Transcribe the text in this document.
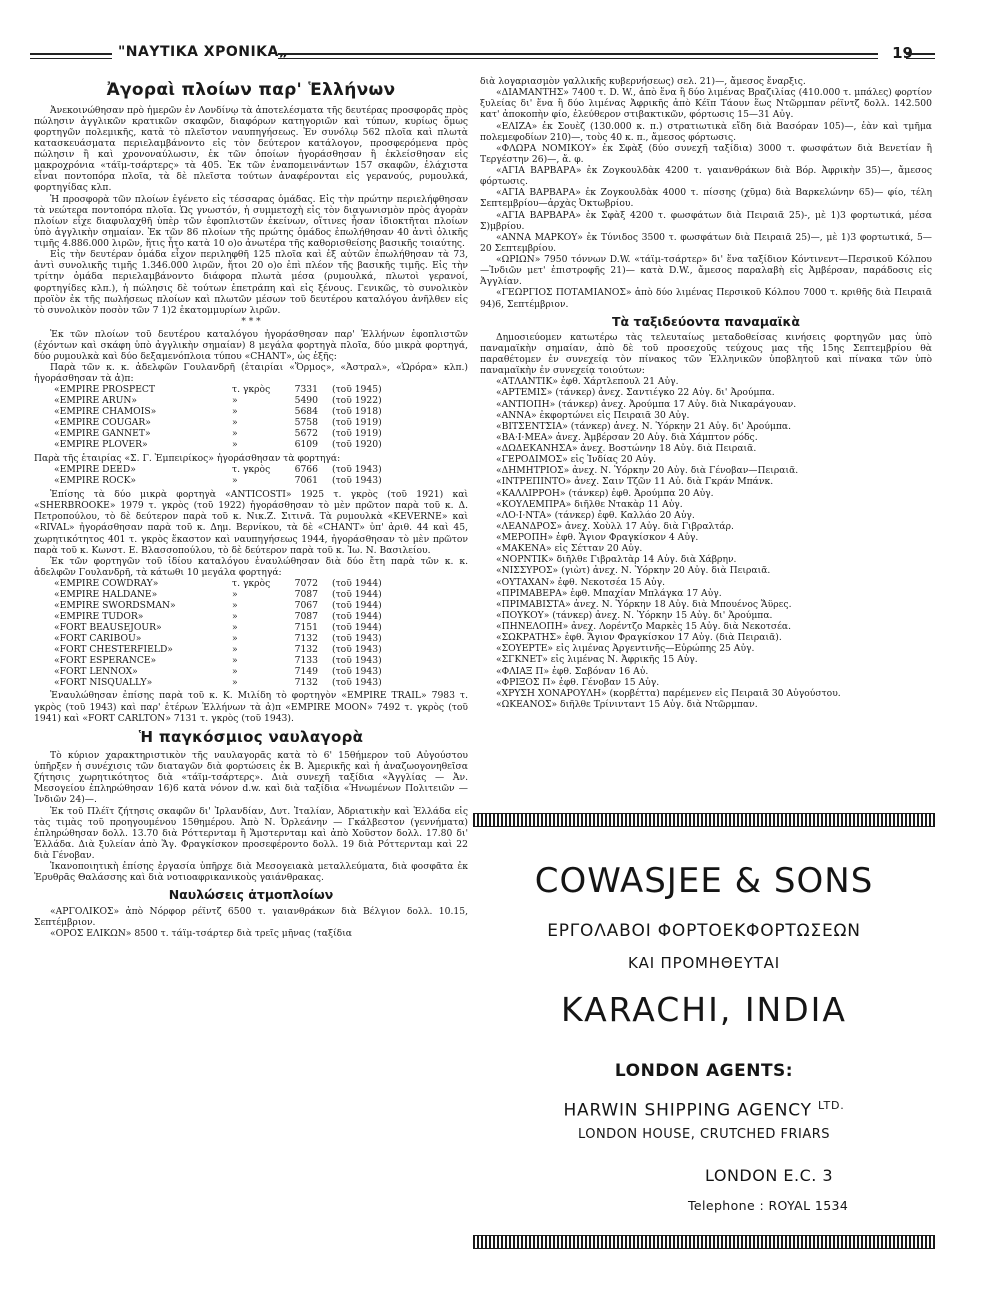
"ΝΑΥΤΙΚΑ ΧΡΟΝΙΚΑ„	19
Ἀγοραὶ πλοίων παρ' Ἑλλήνων

Ἀνεκοινώθησαν πρὸ ἡμερῶν ἐν Λονδίνῳ τὰ ἀποτελέσματα τῆς δευτέρας προσφορᾶς πρὸς πώλησιν ἀγγλικῶν κρατικῶν σκαφῶν, διαφόρων κατηγοριῶν καὶ τύπων, κυρίως ὅμως φορτηγῶν πολεμικῆς, κατὰ τὸ πλεῖστον ναυπηγήσεως. Ἐν συνόλῳ 562 πλοῖα καὶ πλωτὰ κατασκευάσματα περιελαμβάνοντο εἰς τὸν δεύτερον κατάλογον, προσφερόμενα πρὸς πώλησιν ἢ καὶ χρονοναύλωσιν, ἐκ τῶν ὁποίων ἠγοράσθησαν ἢ ἐκλείσθησαν εἰς μακροχρόνια «τάϊμ-τσάρτερς» τὰ 405. Ἐκ τῶν ἐναπομεινάντων 157 σκαφῶν, ἐλάχιστα εἶναι ποντοπόρα πλοῖα, τὰ δὲ πλεῖστα τούτων ἀναφέρονται εἰς γερανούς, ρυμουλκά, φορτηγίδας κλπ.

Ἡ προσφορὰ τῶν πλοίων ἐγένετο εἰς τέσσαρας ὁμάδας. Εἰς τὴν πρώτην περιελήφθησαν τὰ νεώτερα ποντοπόρα πλοῖα. Ὡς γνωστόν, ἡ συμμετοχὴ εἰς τὸν διαγωνισμὸν πρὸς ἀγορὰν πλοίων εἶχε διαφυλαχθῆ ὑπὲρ τῶν ἐφοπλιστῶν ἐκείνων, οἵτινες ἦσαν ἰδιοκτῆται πλοίων ὑπὸ ἀγγλικὴν σημαίαν. Ἐκ τῶν 86 πλοίων τῆς πρώτης ὁμάδος ἐπωλήθησαν 40 ἀντὶ ὁλικῆς τιμῆς 4.886.000 λιρῶν, ἥτις ἦτο κατὰ 10 ο)ο ἀνωτέρα τῆς καθορισθείσης βασικῆς τοιαύτης.

Εἰς τὴν δευτέραν ὁμάδα εἶχον περιληφθῆ 125 πλοῖα καὶ ἐξ αὐτῶν ἐπωλήθησαν τὰ 73, ἀντὶ συνολικῆς τιμῆς 1.346.000 λιρῶν, ἤτοι 20 ο)ο ἐπὶ πλέον τῆς βασικῆς τιμῆς. Εἰς τὴν τρίτην ὁμάδα περιελαμβάνοντο διάφορα πλωτὰ μέσα (ρυμουλκά, πλωτοὶ γερανοί, φορτηγίδες κλπ.), ἡ πώλησις δὲ τούτων ἐπετράπη καὶ εἰς ξένους. Γενικῶς, τὸ συνολικὸν προϊὸν ἐκ τῆς πωλήσεως πλοίων καὶ πλωτῶν μέσων τοῦ δευτέρου καταλόγου ἀνῆλθεν εἰς τὸ συνολικὸν ποσὸν τῶν 7 1)2 ἑκατομμυρίων λιρῶν.

* * *

Ἐκ τῶν πλοίων τοῦ δευτέρου καταλόγου ἠγοράσθησαν παρ' Ἑλλήνων ἐφοπλιστῶν (ἐχόντων καὶ σκάφη ὑπὸ ἀγγλικὴν σημαίαν) 8 μεγάλα φορτηγὰ πλοῖα, δύο μικρὰ φορτηγά, δύο ρυμουλκὰ καὶ δύο δεξαμενόπλοια τύπου «CHANT», ὡς ἑξῆς:

Παρὰ τῶν κ. κ. ἀδελφῶν Γουλανδρῆ (ἑταιρίαι «Ὅρμος», «Ἀστραλ», «Ὡρόρα» κλπ.) ἠγοράσθησαν τὰ ἀ)π:

«EMPIRE PROSPECT	τ. γκρὸς	7331	(τοῦ 1945)
«EMPIRE ARUN»	»	5490	(τοῦ 1922)
«EMPIRE CHAMOIS»	»	5684	(τοῦ 1918)
«EMPIRE COUGAR»	»	5758	(τοῦ 1919)
«EMPIRE GANNET»	»	5672	(τοῦ 1919)
«EMPIRE PLOVER»	»	6109	(τοῦ 1920)

Παρὰ τῆς ἑταιρίας «Σ. Γ. Ἐμπειρίκος» ἠγοράσθησαν τὰ φορτηγά:

«EMPIRE DEED»	τ. γκρὸς	6766	(τοῦ 1943)
«EMPIRE ROCK»	»	7061	(τοῦ 1943)

Ἐπίσης τὰ δύο μικρὰ φορτηγὰ «ANTICOSTI» 1925 τ. γκρὸς (τοῦ 1921) καὶ «SHERBROOKE» 1979 τ. γκρὸς (τοῦ 1922) ἠγοράσθησαν τὸ μὲν πρῶτον παρὰ τοῦ κ. Δ. Πετροπούλου, τὸ δὲ δεύτερον παρὰ τοῦ κ. Νικ.Ζ. Σιτινᾶ. Τὰ ρυμουλκὰ «KEVERNE» καὶ «RIVAL» ἠγοράσθησαν παρὰ τοῦ κ. Δημ. Βερνίκου, τὰ δὲ «CHANT» ὑπ' ἀριθ. 44 καὶ 45, χωρητικότητος 401 τ. γκρὸς ἕκαστον καὶ ναυπηγήσεως 1944, ἠγοράσθησαν τὸ μὲν πρῶτον παρὰ τοῦ κ. Κωνστ. Ε. Βλασσοπούλου, τὸ δὲ δεύτερον παρὰ τοῦ κ. Ἰω. Ν. Βασιλείου.

Ἐκ τῶν φορτηγῶν τοῦ ἰδίου καταλόγου ἐναυλώθησαν διὰ δύο ἔτη παρὰ τῶν κ. κ. ἀδελφῶν Γουλανδρῆ, τὰ κάτωθι 10 μεγάλα φορτηγά:

«EMPIRE COWDRAY»	τ. γκρὸς	7072	(τοῦ 1944)
«EMPIRE HALDANE»	»	7087	(τοῦ 1944)
«EMPIRE SWORDSMAN»	»	7067	(τοῦ 1944)
«EMPIRE TUDOR»	»	7087	(τοῦ 1944)
«FORT BEAUSEJOUR»	»	7151	(τοῦ 1944)
«FORT CARIBOU»	»	7132	(τοῦ 1943)
«FORT CHESTERFIELD»	»	7132	(τοῦ 1943)
«FORT ESPERANCE»	»	7133	(τοῦ 1943)
«FORT LENNOX»	»	7149	(τοῦ 1943)
«FORT NISQUALLY»	»	7132	(τοῦ 1943)

Ἐναυλώθησαν ἐπίσης παρὰ τοῦ κ. Κ. Μιλίδη τὸ φορτηγὸν «EMPIRE TRAIL» 7983 τ. γκρὸς (τοῦ 1943) καὶ παρ' ἑτέρων Ἑλλήνων τὰ ἀ)π «EMPIRE MOON» 7492 τ. γκρὸς (τοῦ 1941) καὶ «FORT CARLTON» 7131 τ. γκρὸς (τοῦ 1943).

Ἡ παγκόσμιος ναυλαγορὰ

Τὸ κύριον χαρακτηριστικὸν τῆς ναυλαγορᾶς κατὰ τὸ 6' 15θήμερον τοῦ Αὐγούστου ὑπῆρξεν ἡ συνέχισις τῶν διαταγῶν διὰ φορτώσεις ἐκ Β. Ἀμερικῆς καὶ ἡ ἀναζωογονηθεῖσα ζήτησις χωρητικότητος διὰ «τάϊμ-τσάρτερς». Διὰ συνεχῆ ταξίδια «Ἀγγλίας — Ἀν. Μεσογείου ἐπληρώθησαν 16)6 κατὰ νόνον d.w. καὶ διὰ ταξίδια «Ἡνωμένων Πολιτειῶν — Ἰνδιῶν 24)—.

Ἐκ τοῦ Πλέϊτ ζήτησις σκαφῶν δι' Ἰρλανδίαν, Δυτ. Ἰταλίαν, Ἀδριατικὴν καὶ Ἑλλάδα εἰς τὰς τιμὰς τοῦ προηγουμένου 15θημέρου. Ἀπὸ Ν. Ὀρλεάνην — Γκάλβεστον (γεννήματα) ἐπληρώθησαν δολλ. 13.70 διὰ Ρόττερνταμ ἢ Ἄμστερνταμ καὶ ἀπὸ Χοῦστον δολλ. 17.80 δι' Ἑλλάδα. Διὰ ξυλείαν ἀπὸ Ἅγ. Φραγκίσκον προσεφέροντο δολλ. 19 διὰ Ρόττερνταμ καὶ 22 διὰ Γένοβαν.

Ἱκανοποιητικὴ ἐπίσης ἐργασία ὑπῆρχε διὰ Μεσογειακὰ μεταλλεύματα, διὰ φοσφᾶτα ἐκ Ἐρυθρᾶς Θαλάσσης καὶ διὰ νοτιοαφρικανικοὺς γαιάνθρακας.

Ναυλώσεις ἀτμοπλοίων

«ΑΡΓΟΛΙΚΟΣ» ἀπὸ Νόρφορ ρέϊντζ 6500 τ. γαιανθράκων διὰ Βέλγιον δολλ. 10.15, Σεπτέμβριον.

«ΟΡΟΣ ΕΛΙΚΩΝ» 8500 τ. τάϊμ-τσάρτερ διὰ τρεῖς μῆνας (ταξίδια

διὰ λογαριασμὸν γαλλικῆς κυβερνήσεως) σελ. 21)—, ἄμεσος ἔναρξις.

«ΔΙΑΜΑΝΤΗΣ» 7400 τ. D. W., ἀπὸ ἕνα ἢ δύο λιμένας Βραζιλίας (410.000 τ. μπάλες) φορτίον ξυλείας δι' ἕνα ἢ δύο λιμένας Ἀφρικῆς ἀπὸ Κέϊπ Τάουν ἕως Ντῶρμπαν ρέϊντζ δολλ. 142.500 κατ' ἀποκοπὴν φίο, ἐλεύθερον στιβακτικῶν, φόρτωσις 15—31 Αὐγ.

«ΕΛΙΖΑ» ἐκ Σουὲζ (130.000 κ. π.) στρατιωτικὰ εἴδη διὰ Βασόραν 105)—, ἐὰν καὶ τμῆμα πολεμεφοδίων 210)—, τοὺς 40 κ. π., ἄμεσος φόρτωσις.

«ΦΛΩΡΑ ΝΟΜΙΚΟΥ» ἐκ Σφὰξ (δύο συνεχῆ ταξίδια) 3000 τ. φωσφάτων διὰ Βενετίαν ἢ Τεργέστην 26)—, ἄ. φ.

«ΑΓΙΑ ΒΑΡΒΑΡΑ» ἐκ Ζογκουλδὰκ 4200 τ. γαιανθράκων διὰ Βόρ. Ἀφρικὴν 35)—, ἄμεσος φόρτωσις.

«ΑΓΙΑ ΒΑΡΒΑΡΑ» ἐκ Ζογκουλδὰκ 4000 τ. πίσσης (χῦμα) διὰ Βαρκελώνην 65)— φίο, τέλη Σεπτεμβρίου—ἀρχὰς Ὀκτωβρίου.

«ΑΓΙΑ ΒΑΡΒΑΡΑ» ἐκ Σφὰξ 4200 τ. φωσφάτων διὰ Πειραιᾶ 25)-, μὲ 1)3 φορτωτικά, μέσα Σ)μβρίου.

«ΑΝΝΑ ΜΑΡΚΟΥ» ἐκ Τύνιδος 3500 τ. φωσφάτων διὰ Πειραιᾶ 25)—, μὲ 1)3 φορτωτικά, 5—20 Σεπτεμβρίου.

«ΩΡΙΩΝ» 7950 τόννων D.W. «τάϊμ-τσάρτερ» δι' ἕνα ταξίδιον Κόντινεντ—Περσικοῦ Κόλπου—Ἰνδιῶν μετ' ἐπιστροφῆς 21)— κατὰ D.W., ἄμεσος παραλαβὴ εἰς Ἀμβέρσαν, παράδοσις εἰς Ἀγγλίαν.

«ΓΕΩΡΓΙΟΣ ΠΟΤΑΜΙΑΝΟΣ» ἀπὸ δύο λιμένας Περσικοῦ Κόλπου 7000 τ. κριθῆς διὰ Πειραιᾶ 94)6, Σεπτέμβριον.

Τὰ ταξιδεύοντα παναμαϊκὰ

Δημοσιεύομεν κατωτέρω τὰς τελευταίως μεταδοθείσας κινήσεις φορτηγῶν μας ὑπὸ παναμαϊκὴν σημαίαν, ἀπὸ δὲ τοῦ προσεχοῦς τεύχους μας τῆς 15ης Σεπτεμβρίου θὰ παραθέτομεν ἐν συνεχείᾳ τὸν πίνακος τῶν Ἑλληνικῶν ὑποβλητοῦ καὶ πίνακα τῶν ὑπὸ παναμαϊκὴν ἐν συνεχείᾳ τοιούτων:

«ΑΤΛΑΝΤΙΚ» ἐφθ. Χάρτλεπουλ 21 Αὐγ.

«ΑΡΤΕΜΙΣ» (τάνκερ) ἀνεχ. Σαντιέγκο 22 Αὐγ. δι' Ἀρούμπα.

«ΑΝΤΙΟΠΗ» (τάνκερ) ἀνεχ. Ἀρούμπα 17 Αὐγ. διὰ Νικαράγουαν.

«ΑΝΝΑ» ἐκφορτώνει εἰς Πειραιᾶ 30 Αὐγ.

«ΒΙΤΣΕΝΤΣΙΑ» (τάνκερ) ἀνεχ. Ν. Ὑόρκην 21 Αὐγ. δι' Ἀρούμπα.

«ΒΑ·Ι·ΜΕΑ» ἀνεχ. Ἀμβέρσαν 20 Αὐγ. διὰ Χάμπτον ρόδς.

«ΔΩΔΕΚΑΝΗΣΑ» ἀνεχ. Βοστώνην 18 Αὐγ. διὰ Πειραιᾶ.

«ΓΕΡΟΔΙΜΟΣ» εἰς Ἰνδίας 20 Αὐγ.

«ΔΗΜΗΤΡΙΟΣ» ἀνεχ. Ν. Ὑόρκην 20 Αὐγ. διὰ Γένοβαν—Πειραιᾶ.

«ΙΝΤΡΕΠΙΝΤΟ» ἀνεχ. Σαιν Τζῶν 11 Αὐ. διὰ Γκράν Μπάνκ.

«ΚΑΛΛΙΡΡΟΗ» (τάνκερ) ἐφθ. Ἀρούμπα 20 Αὐγ.

«ΚΟΥΛΕΜΠΡΑ» διῆλθε Ντακὰρ 11 Αὐγ.

«ΛΟ·Ι·ΝΤΑ» (τάνκερ) ἐφθ. Καλλάο 20 Αὐγ.

«ΛΕΑΝΔΡΟΣ» ἀνεχ. Χοὺλλ 17 Αὐγ. διὰ Γιβραλτάρ.

«ΜΕΡΟΠΗ» ἐφθ. Ἅγιον Φραγκίσκον 4 Αὐγ.

«ΜΑΚΕΝΑ» εἰς Σέτταν 20 Αὐγ.

«ΝΟΡΝΤΙΚ» διῆλθε Γιβραλτὰρ 14 Αὐγ. διὰ Χάβρην.

«ΝΙΣΣΥΡΟΣ» (γιὼτ) ἀνεχ. Ν. Ὑόρκην 20 Αὐγ. διὰ Πειραιᾶ.

«ΟΥΤΑΧΑΝ» ἐφθ. Νεκοτσέα 15 Αὐγ.

«ΠΡΙΜΑΒΕΡΑ» ἐφθ. Μπαχίαν Μπλάγκα 17 Αὐγ.

«ΠΡΙΜΑΒΙΣΤΑ» ἀνεχ. Ν. Ὑόρκην 18 Αὐγ. διὰ Μπουένος Ἄϋρες.

«ΠΟΥΚΟΥ» (τάνκερ) ἀνεχ. Ν. Ὑόρκην 15 Αὐγ. δι' Ἀρούμπα.

«ΠΗΝΕΛΟΠΗ» ἀνεχ. Λορέντζο Μαρκὲς 15 Αὐγ. διὰ Νεκοτσέα.

«ΣΩΚΡΑΤΗΣ» ἐφθ. Ἅγιον Φραγκίσκον 17 Αὐγ. (διὰ Πειραιᾶ).

«ΣΟΥΕΡΤΕ» εἰς λιμένας Ἀργεντινῆς—Εὐρώπης 25 Αὐγ.

«ΣΓΚΝΕΤ» εἰς λιμένας Ν. Ἀφρικῆς 15 Αὐγ.

«ΦΛΙΑΞ Π» ἐφθ. Σαβόναν 16 Αὐ.

«ΦΡΙΞΟΣ Π» ἐφθ. Γένοβαν 15 Αὐγ.

«ΧΡΥΣΗ ΧΟΝΑΡΟΥΛΗ» (κορβέττα) παρέμενεν εἰς Πειραιᾶ 30 Αὐγούστου.

«ΩΚΕΑΝΟΣ» διῆλθε Τρίνινταντ 15 Αὐγ. διὰ Ντῶρμπαν.

COWASJEE & SONS
ΕΡΓΟΛΑΒΟΙ ΦΟΡΤΟΕΚΦΟΡΤΩΣΕΩΝ
ΚΑΙ ΠΡΟΜΗΘΕΥΤΑΙ
KARACHI, INDIA
LONDON AGENTS:
HARWIN SHIPPING AGENCY $^{LTD.}$
LONDON HOUSE, CRUTCHED FRIARS
LONDON E.C. 3
Telephone : ROYAL 1534
